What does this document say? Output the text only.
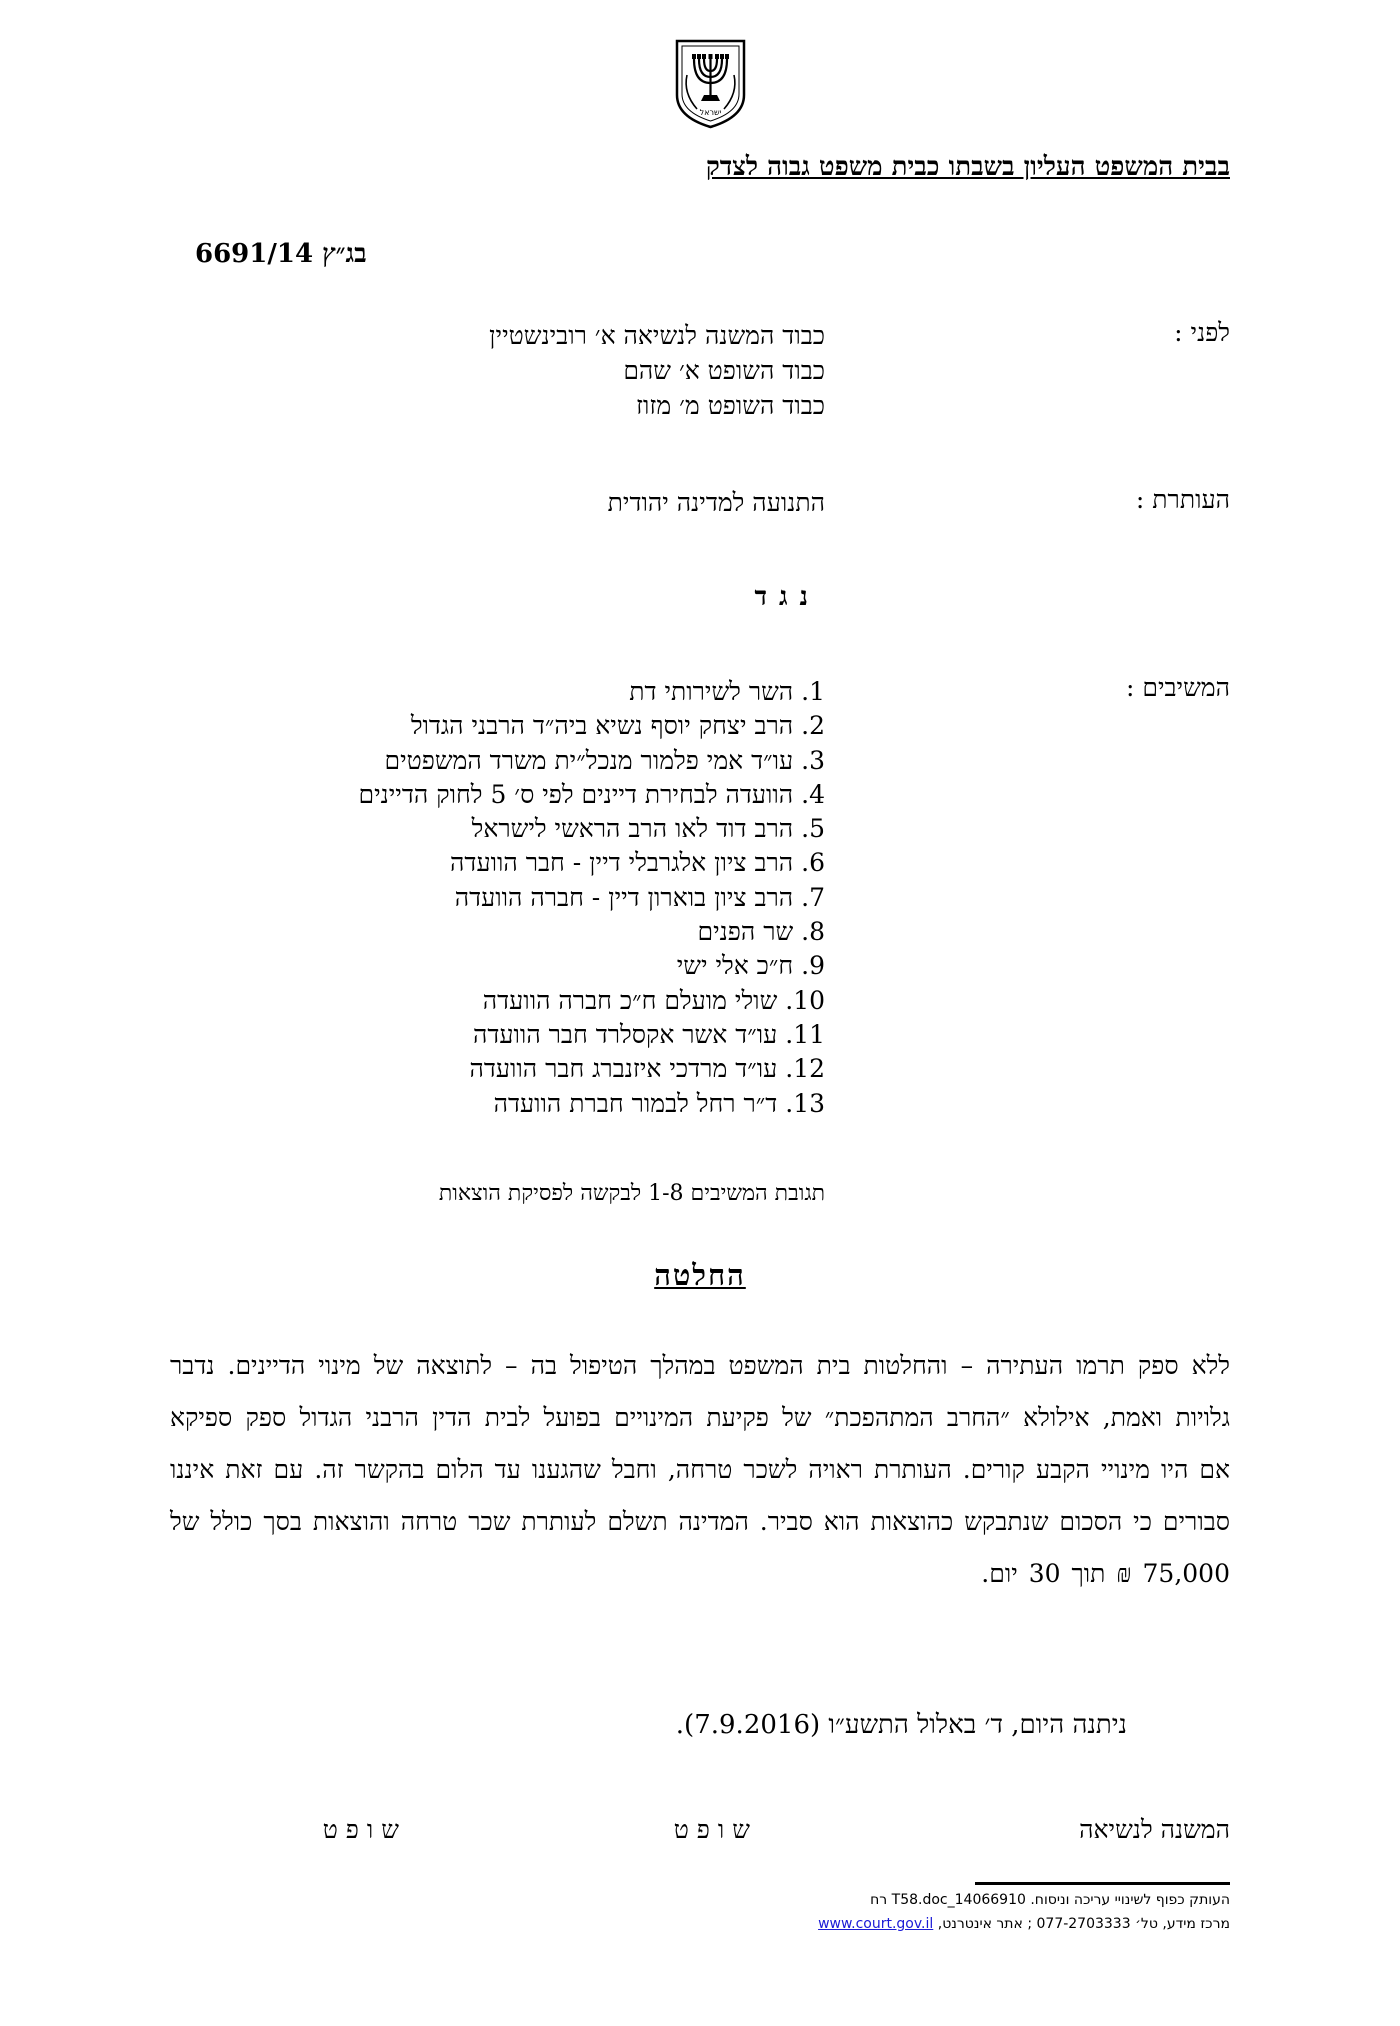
ישראל
בבית המשפט העליון בשבתו כבית משפט גבוה לצדק
בג״ץ 6691/14
לפני :
כבוד המשנה לנשיאה א׳ רובינשטיין
כבוד השופט א׳ שהם
כבוד השופט מ׳ מזוז
העותרת :
התנועה למדינה יהודית
נגד
המשיבים :
1. השר לשירותי דת
2. הרב יצחק יוסף נשיא ביה״ד הרבני הגדול
3. עו״ד אמי פלמור מנכל״ית משרד המשפטים
4. הוועדה לבחירת דיינים לפי ס׳ 5 לחוק הדיינים
5. הרב דוד לאו הרב הראשי לישראל
6. הרב ציון אלגרבלי דיין - חבר הוועדה
7. הרב ציון בוארון דיין - חברה הוועדה
8. שר הפנים
9. ח״כ אלי ישי
10. שולי מועלם ח״כ חברה הוועדה
11. עו״ד אשר אקסלרד חבר הוועדה
12. עו״ד מרדכי איזנברג חבר הוועדה
13. ד״ר רחל לבמור חברת הוועדה
תגובת המשיבים 1-8 לבקשה לפסיקת הוצאות
החלטה
ללא ספק תרמו העתירה – והחלטות בית המשפט במהלך הטיפול בה – לתוצאה של מינוי הדיינים. נדבר גלויות ואמת, אילולא ״החרב המתהפכת״ של פקיעת המינויים בפועל לבית הדין הרבני הגדול ספק ספיקא אם היו מינויי הקבע קורים. העותרת ראויה לשכר טרחה, וחבל שהגענו עד הלום בהקשר זה. עם זאת איננו סבורים כי הסכום שנתבקש כהוצאות הוא סביר. המדינה תשלם לעותרת שכר טרחה והוצאות בסך כולל של 75,000 ₪ תוך 30 יום.
ניתנה היום, ד׳ באלול התשע״ו (7.9.2016).
המשנה לנשיאה
שופט
שופט
העותק כפוף לשינויי עריכה וניסוח. 14066910_T58.doc רח
מרכז מידע, טל׳ 077-2703333 ; אתר אינטרנט, www.court.gov.il
